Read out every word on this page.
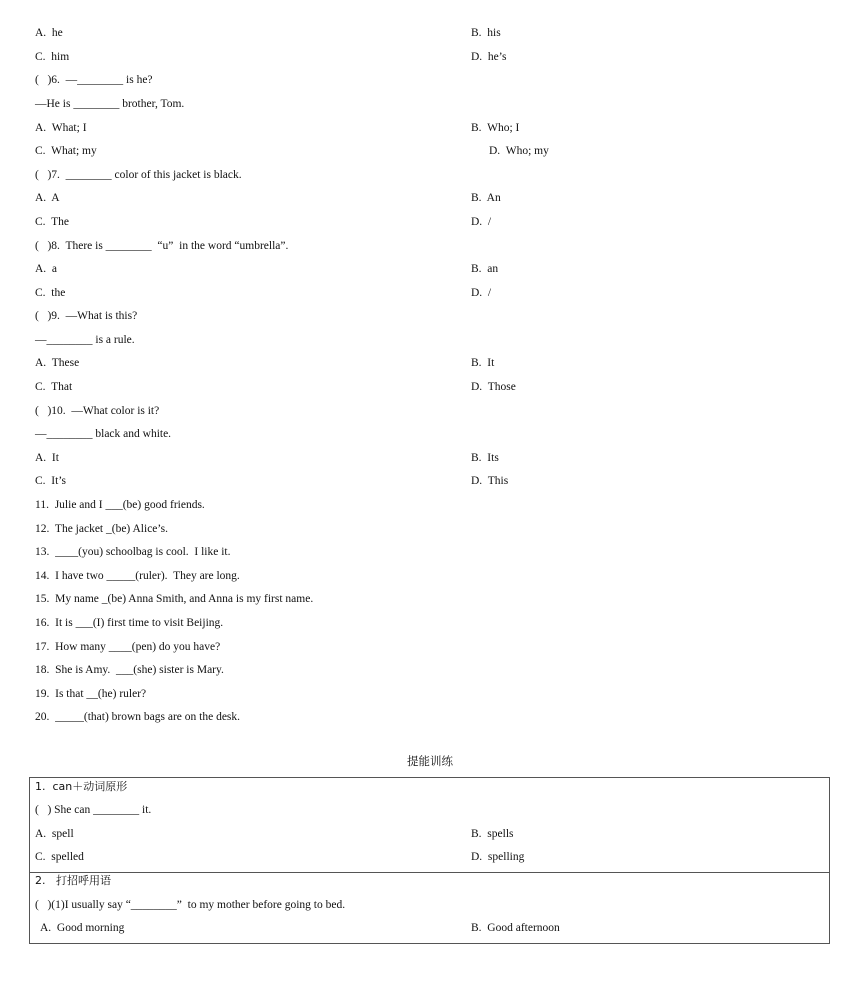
A.  he	B.  his
C.  him	D.  he’s
(   )6.  —________ is he?
—He is ________ brother, Tom.
A.  What; I	B.  Who; I
C.  What; my	D.  Who; my
(   )7.  ________ color of this jacket is black.
A.  A	B.  An
C.  The	D.  /
(   )8.  There is ________  “u”  in the word “umbrella”.
A.  a	B.  an
C.  the	D.  /
(   )9.  —What is this?
—________ is a rule.
A.  These	B.  It
C.  That	D.  Those
(   )10.  —What color is it?
—________ black and white.
A.  It	B.  Its
C.  It’s	D.  This
11.  Julie and I ___(be) good friends.
12.  The jacket _(be) Alice’s.
13.  ____(you) schoolbag is cool.  I like it.
14.  I have two _____(ruler).  They are long.
15.  My name _(be) Anna Smith, and Anna is my first name.
16.  It is ___(I) first time to visit Beijing.
17.  How many ____(pen) do you have?
18.  She is Amy.  ___(she) sister is Mary.
19.  Is that __(he) ruler?
20.  _____(that) brown bags are on the desk.
提能训练
1.  can＋动词原形
(   ) She can ________ it.
A.  spell	B.  spells
C.  spelled	D.  spelling
2.   打招呼用语
(   )(1)I usually say “________”  to my mother before going to bed.
A.  Good morning	B.  Good afternoon
